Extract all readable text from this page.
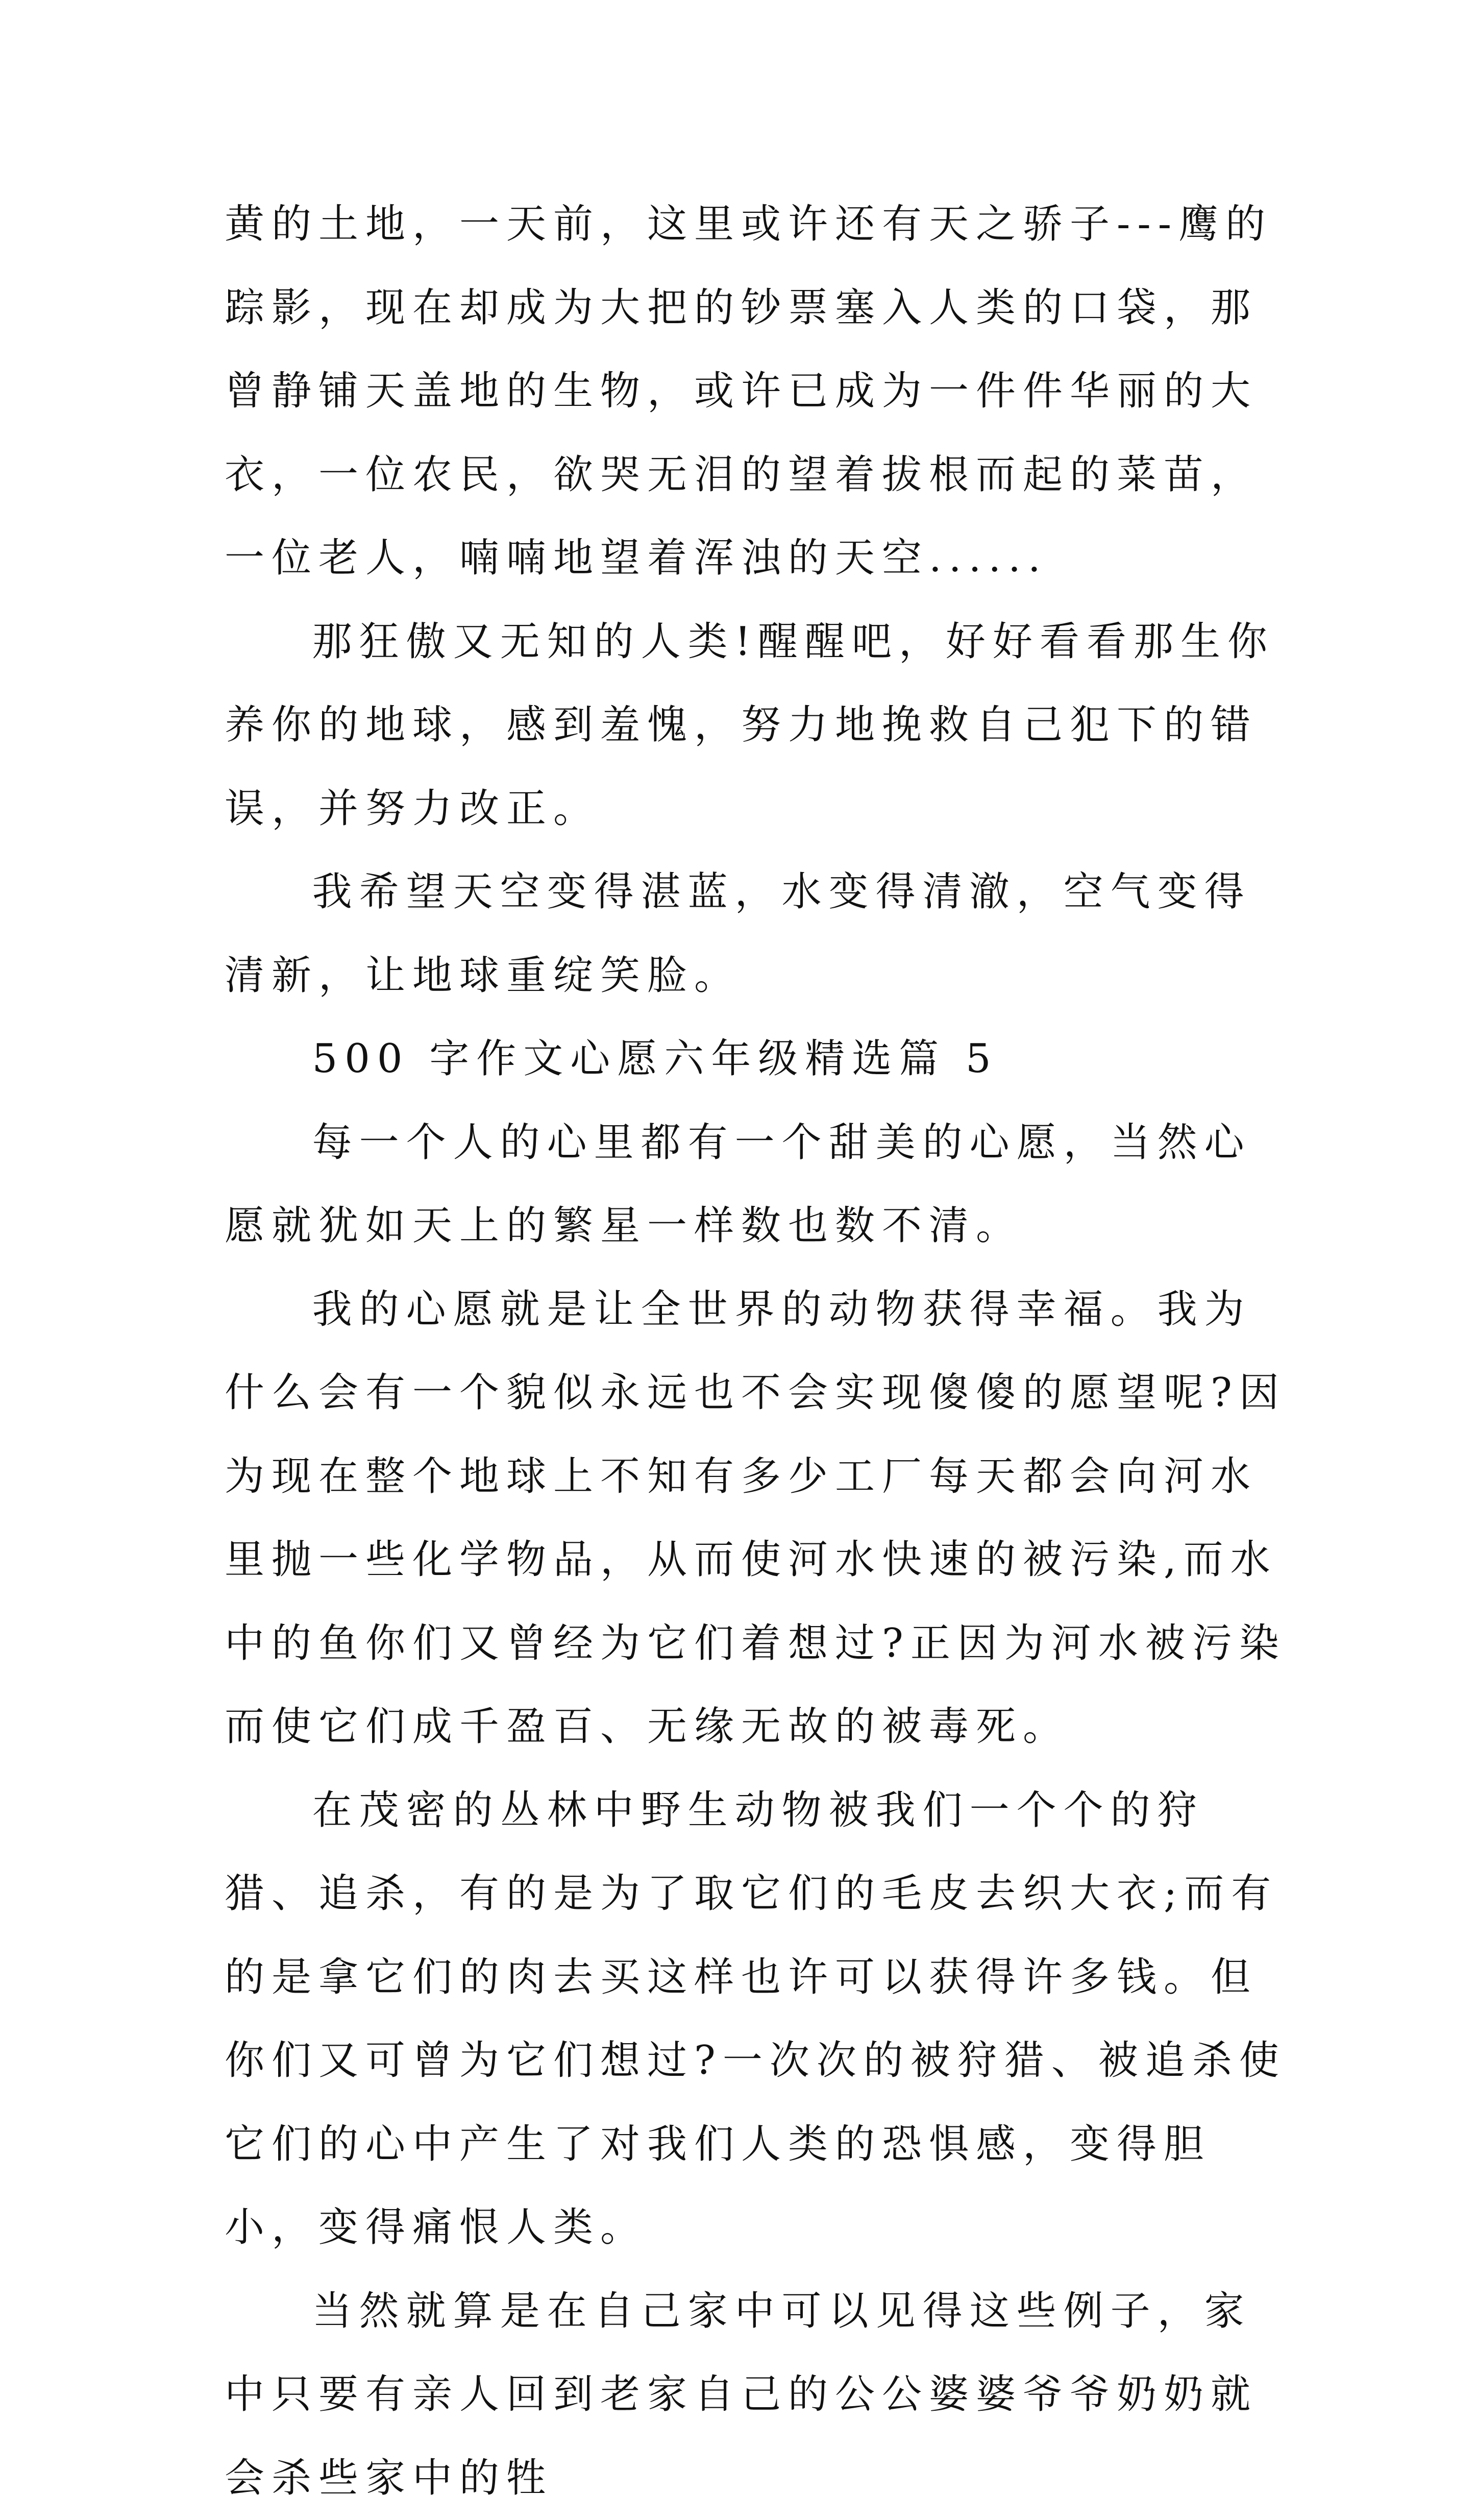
黄的土地，一天前，这里或许还有天之骄子---鹰的踪影，现在却成为大把的钞票塞入人类的口袋，那曾静铺天盖地的生物，或许已成为一件件华丽的大衣，一位农民，欲哭无泪的望着拔根而起的菜苗，一位老人，喃喃地望着浑浊的天空......

那狂傲又无知的人类!醒醒吧，好好看看那生你养你的地球，感到羞愧，努力地挽救自己犯下的错误，并努力改正。

我希望天空变得湛蓝，水变得清澈，空气变得清新，让地球重绽笑脸。

500 字作文心愿六年级精选篇 5

每一个人的心里都有一个甜美的心愿，当然心愿就犹如天上的繁星一样数也数不清。

我的心愿就是让全世界的动物获得幸福。我为什么会有一个貌似永远也不会实现傻傻的愿望呢?因为现在整个地球上不知有多少工厂每天都会向河水里抛一些化学物品，从而使河水快速的被污染,而水中的鱼你们又曾经为它们着想过?正因为河水被污染而使它们成千盈百、无缘无故的被毒死。

在茂密的丛林中野生动物被我们一个个的狩猎、追杀，有的是为了取它们的毛皮去织大衣;而有的是拿它们的肉去买这样也许可以获得许多钱。但你们又可曾为它们想过?一次次的被狩猎、被追杀使它们的心中产生了对我们人类的恐惧感，变得胆小，变得痛恨人类。

当然就算是在自己家中可以见得这些例子，家中只要有亲人回到老家自己的公公婆婆爷爷奶奶就会杀些家中的牲
